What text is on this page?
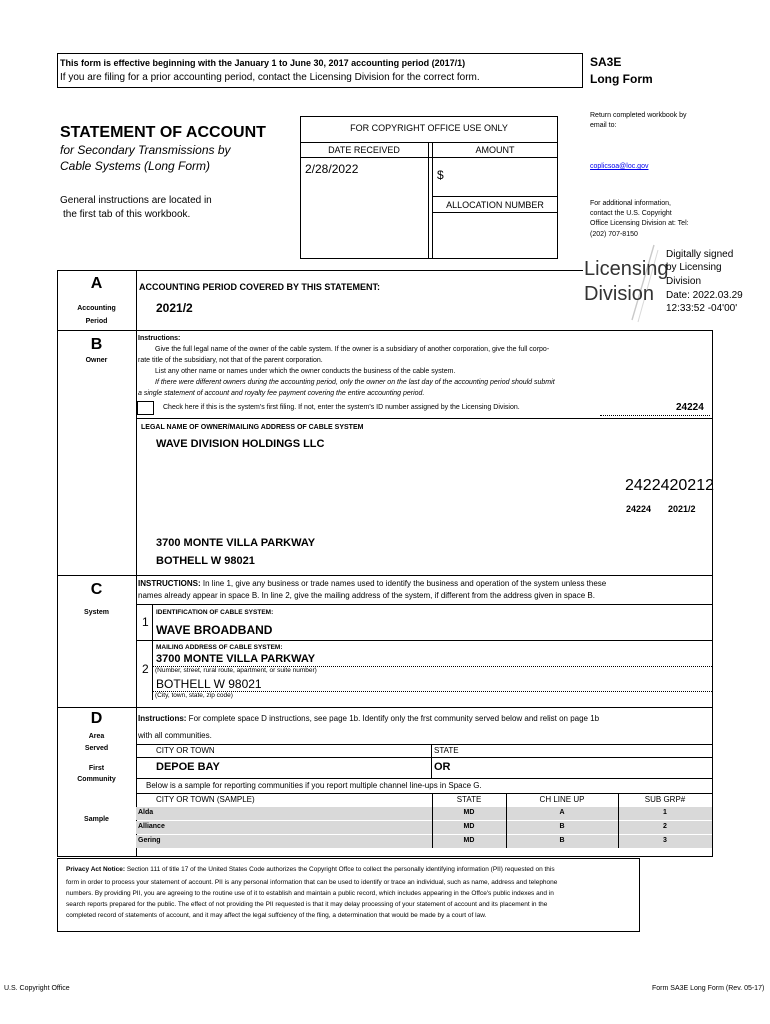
This form is effective beginning with the January 1 to June 30, 2017 accounting period (2017/1)
If you are filing for a prior accounting period, contact the Licensing Division for the correct form.
SA3E
Long Form
STATEMENT OF ACCOUNT
for Secondary Transmissions by
Cable Systems (Long Form)
General instructions are located in
the first tab of this workbook.
FOR COPYRIGHT OFFICE USE ONLY
DATE RECEIVED	AMOUNT
2/28/2022	$
ALLOCATION NUMBER
Return completed workbook by
email to:
coplicsoa@loc.gov
For additional information,
contact the U.S. Copyright
Office Licensing Division at: Tel:
(202) 707-8150
Licensing
Division
Digitally signed
by Licensing
Division
Date: 2022.03.29
12:33:52 -04'00'
A
Accounting
Period
ACCOUNTING PERIOD COVERED BY THIS STATEMENT:
2021/2
B
Owner
Instructions:
Give the full legal name of the owner of the cable system. If the owner is a subsidiary of another corporation, give the full corpo-
rate title of the subsidiary, not that of the parent corporation.
List any other name or names under which the owner conducts the business of the cable system.
If there were different owners during the accounting period, only the owner on the last day of the accounting period should submit
a single statement of account and royalty fee payment covering the entire accounting period.
Check here if this is the system's first filing. If not, enter the system's ID number assigned by the Licensing Division.	24224
LEGAL NAME OF OWNER/MAILING ADDRESS OF CABLE SYSTEM
WAVE DIVISION HOLDINGS LLC
2422420212
24224 2021/2
3700 MONTE VILLA PARKWAY
BOTHELL W 98021
C
System
INSTRUCTIONS: In line 1, give any business or trade names used to identify the business and operation of the system unless these
names already appear in space B. In line 2, give the mailing address of the system, if different from the address given in space B.
1
IDENTIFICATION OF CABLE SYSTEM:
WAVE BROADBAND
2
MAILING ADDRESS OF CABLE SYSTEM:
3700 MONTE VILLA PARKWAY
(Number, street, rural route, apartment, or suite number)
BOTHELL W 98021
(City, town, state, zip code)
D
Area
Served
First
Community
Sample
Instructions: For complete space D instructions, see page 1b. Identify only the frst community served below and relist on page 1b
with all communities.
CITY OR TOWN	STATE
DEPOE BAY	OR
Below is a sample for reporting communities if you report multiple channel line-ups in Space G.
CITY OR TOWN (SAMPLE)	STATE	CH LINE UP	SUB GRP#
Alda	MD	A	1
Alliance	MD	B	2
Gering	MD	B	3
Privacy Act Notice: Section 111 of title 17 of the United States Code authorizes the Copyright Offce to collect the personally identifying information (PII) requested on this
form in order to process your statement of account. PII is any personal information that can be used to identify or trace an individual, such as name, address and telephone
numbers. By providing PII, you are agreeing to the routine use of it to establish and maintain a public record, which includes appearing in the Offce's public indexes and in
search reports prepared for the public. The effect of not providing the PII requested is that it may delay processing of your statement of account and its placement in the
completed record of statements of account, and it may affect the legal suffciency of the fling, a determination that would be made by a court of law.
U.S. Copyright Office	Form SA3E Long Form (Rev. 05-17)
